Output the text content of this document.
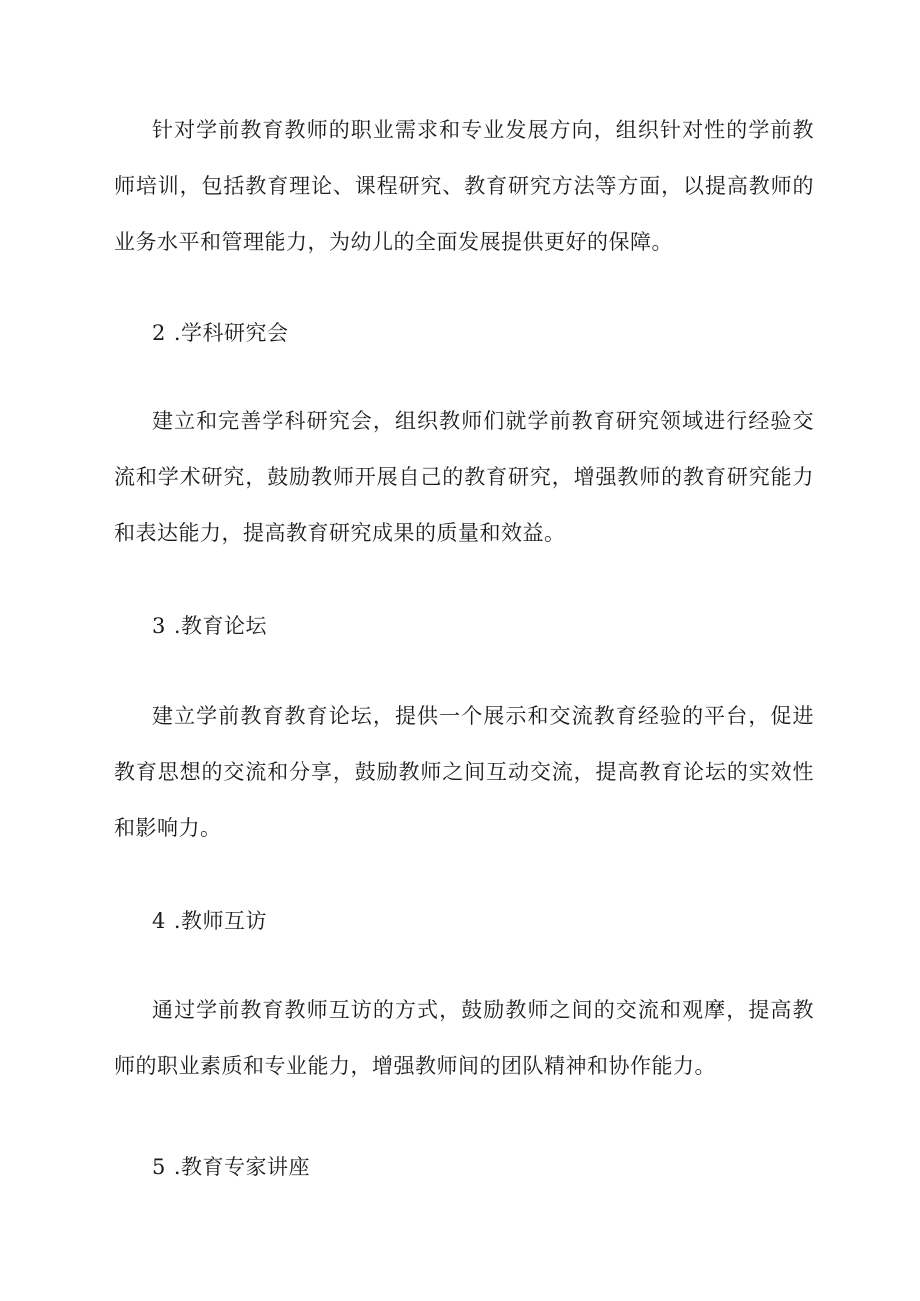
针对学前教育教师的职业需求和专业发展方向，组织针对性的学前教师培训，包括教育理论、课程研究、教育研究方法等方面，以提高教师的业务水平和管理能力，为幼儿的全面发展提供更好的保障。

2 .学科研究会

建立和完善学科研究会，组织教师们就学前教育研究领域进行经验交流和学术研究，鼓励教师开展自己的教育研究，增强教师的教育研究能力和表达能力，提高教育研究成果的质量和效益。

3 .教育论坛

建立学前教育教育论坛，提供一个展示和交流教育经验的平台，促进教育思想的交流和分享，鼓励教师之间互动交流，提高教育论坛的实效性和影响力。

4 .教师互访

通过学前教育教师互访的方式，鼓励教师之间的交流和观摩，提高教师的职业素质和专业能力，增强教师间的团队精神和协作能力。

5 .教育专家讲座
